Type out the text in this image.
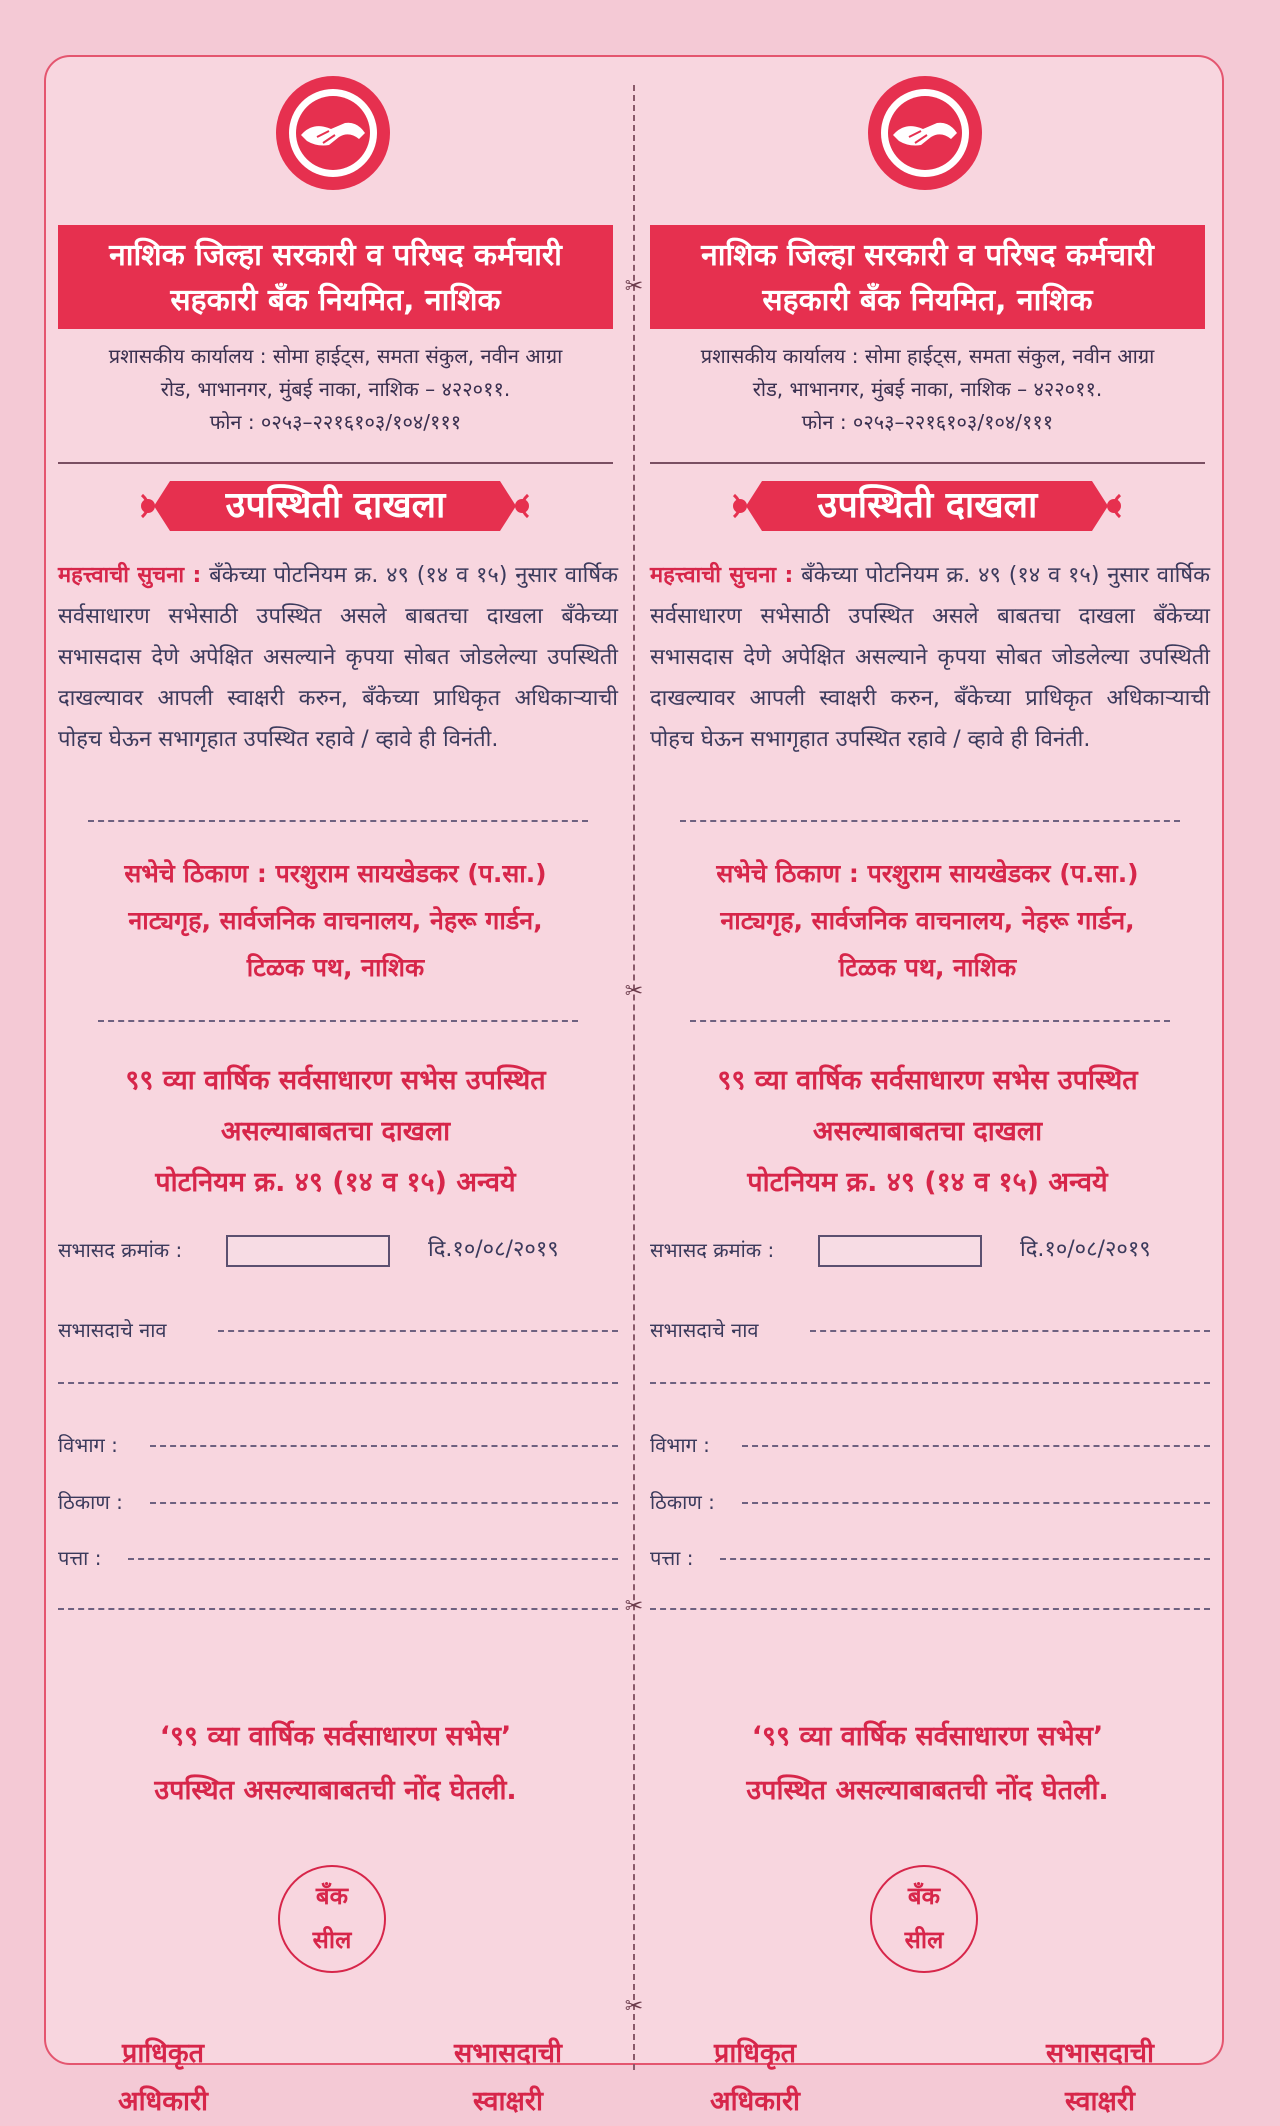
✂
✂
✂
✂
नाशिक जिल्हा सरकारी व परिषद कर्मचारी
सहकारी बँक नियमित, नाशिक
प्रशासकीय कार्यालय : सोमा हाईट्स, समता संकुल, नवीन आग्रा
रोड, भाभानगर, मुंबई नाका, नाशिक – ४२२०११.
फोन : ०२५३–२२१६१०३/१०४/१११
उपस्थिती दाखला
महत्त्वाची सुचना : बँकेच्या पोटनियम क्र. ४९ (१४ व १५) नुसार वार्षिक सर्वसाधारण सभेसाठी उपस्थित असले बाबतचा दाखला बँकेच्या सभासदास देणे अपेक्षित असल्याने कृपया सोबत जोडलेल्या उपस्थिती दाखल्यावर आपली स्वाक्षरी करुन, बँकेच्या प्राधिकृत अधिकाऱ्याची पोहच घेऊन सभागृहात उपस्थित रहावे / व्हावे ही विनंती.
सभेचे ठिकाण : परशुराम सायखेडकर (प.सा.)
नाट्यगृह, सार्वजनिक वाचनालय, नेहरू गार्डन,
टिळक पथ, नाशिक
९९ व्या वार्षिक सर्वसाधारण सभेस उपस्थित
असल्याबाबतचा दाखला
पोटनियम क्र. ४९ (१४ व १५) अन्वये
सभासद क्रमांक :	दि.१०/०८/२०१९
सभासदाचे नाव
विभाग :
ठिकाण :
पत्ता :
‘९९ व्या वार्षिक सर्वसाधारण सभेस’
उपस्थित असल्याबाबतची नोंद घेतली.
बँक
सील
प्राधिकृत
अधिकारी
सभासदाची
स्वाक्षरी
नाशिक जिल्हा सरकारी व परिषद कर्मचारी
सहकारी बँक नियमित, नाशिक
प्रशासकीय कार्यालय : सोमा हाईट्स, समता संकुल, नवीन आग्रा
रोड, भाभानगर, मुंबई नाका, नाशिक – ४२२०११.
फोन : ०२५३–२२१६१०३/१०४/१११
उपस्थिती दाखला
महत्त्वाची सुचना : बँकेच्या पोटनियम क्र. ४९ (१४ व १५) नुसार वार्षिक सर्वसाधारण सभेसाठी उपस्थित असले बाबतचा दाखला बँकेच्या सभासदास देणे अपेक्षित असल्याने कृपया सोबत जोडलेल्या उपस्थिती दाखल्यावर आपली स्वाक्षरी करुन, बँकेच्या प्राधिकृत अधिकाऱ्याची पोहच घेऊन सभागृहात उपस्थित रहावे / व्हावे ही विनंती.
सभेचे ठिकाण : परशुराम सायखेडकर (प.सा.)
नाट्यगृह, सार्वजनिक वाचनालय, नेहरू गार्डन,
टिळक पथ, नाशिक
९९ व्या वार्षिक सर्वसाधारण सभेस उपस्थित
असल्याबाबतचा दाखला
पोटनियम क्र. ४९ (१४ व १५) अन्वये
सभासद क्रमांक :	दि.१०/०८/२०१९
सभासदाचे नाव
विभाग :
ठिकाण :
पत्ता :
‘९९ व्या वार्षिक सर्वसाधारण सभेस’
उपस्थित असल्याबाबतची नोंद घेतली.
बँक
सील
प्राधिकृत
अधिकारी
सभासदाची
स्वाक्षरी
